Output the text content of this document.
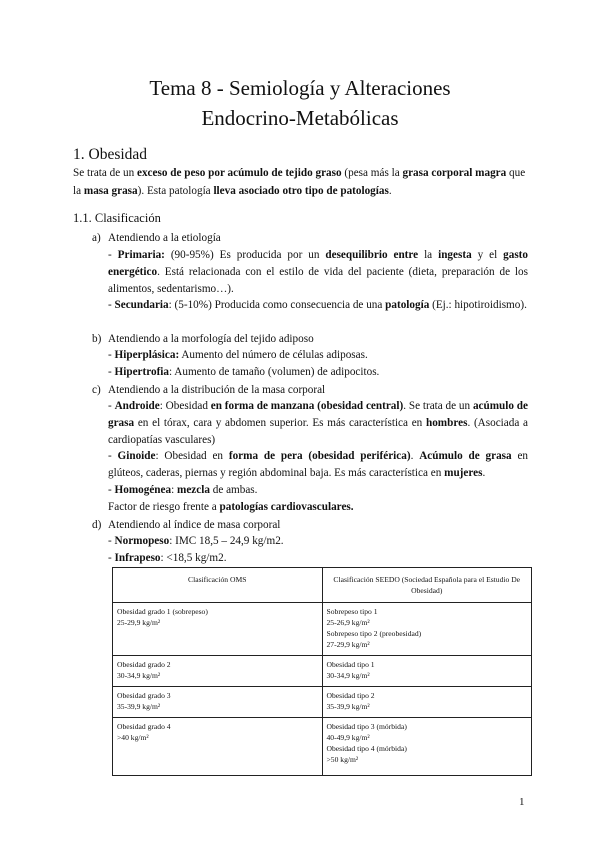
Tema 8 - Semiología y Alteraciones
Endocrino-Metabólicas
1. Obesidad
Se trata de un exceso de peso por acúmulo de tejido graso (pesa más la grasa corporal magra que la masa grasa). Esta patología lleva asociado otro tipo de patologías.
1.1. Clasificación
a) Atendiendo a la etiología
- Primaria: (90-95%) Es producida por un desequilibrio entre la ingesta y el gasto energético. Está relacionada con el estilo de vida del paciente (dieta, preparación de los alimentos, sedentarismo…).
- Secundaria: (5-10%) Producida como consecuencia de una patología (Ej.: hipotiroidismo).
b) Atendiendo a la morfología del tejido adiposo
- Hiperplásica: Aumento del número de células adiposas.
- Hipertrofia: Aumento de tamaño (volumen) de adipocitos.
c) Atendiendo a la distribución de la masa corporal
- Androide: Obesidad en forma de manzana (obesidad central). Se trata de un acúmulo de grasa en el tórax, cara y abdomen superior. Es más característica en hombres. (Asociada a cardiopatías vasculares)
- Ginoide: Obesidad en forma de pera (obesidad periférica). Acúmulo de grasa en glúteos, caderas, piernas y región abdominal baja. Es más característica en mujeres.
- Homogénea: mezcla de ambas.
Factor de riesgo frente a patologías cardiovasculares.
d) Atendiendo al índice de masa corporal
- Normopeso: IMC 18,5 – 24,9 kg/m2.
- Infrapeso: <18,5 kg/m2.
Clasificación OMS	Clasificación SEEDO (Sociedad Española para el Estudio De Obesidad)

Obesidad grado 1 (sobrepeso)
25-29,9 kg/m²	Sobrepeso tipo 1
25-26,9 kg/m²
Sobrepeso tipo 2 (preobesidad)
27-29,9 kg/m²

Obesidad grado 2
30-34,9 kg/m²	Obesidad tipo 1
30-34,9 kg/m²

Obesidad grado 3
35-39,9 kg/m²	Obesidad tipo 2
35-39,9 kg/m²

Obesidad grado 4
>40 kg/m²	Obesidad tipo 3 (mórbida)
40-49,9 kg/m²
Obesidad tipo 4 (mórbida)
>50 kg/m²
1
